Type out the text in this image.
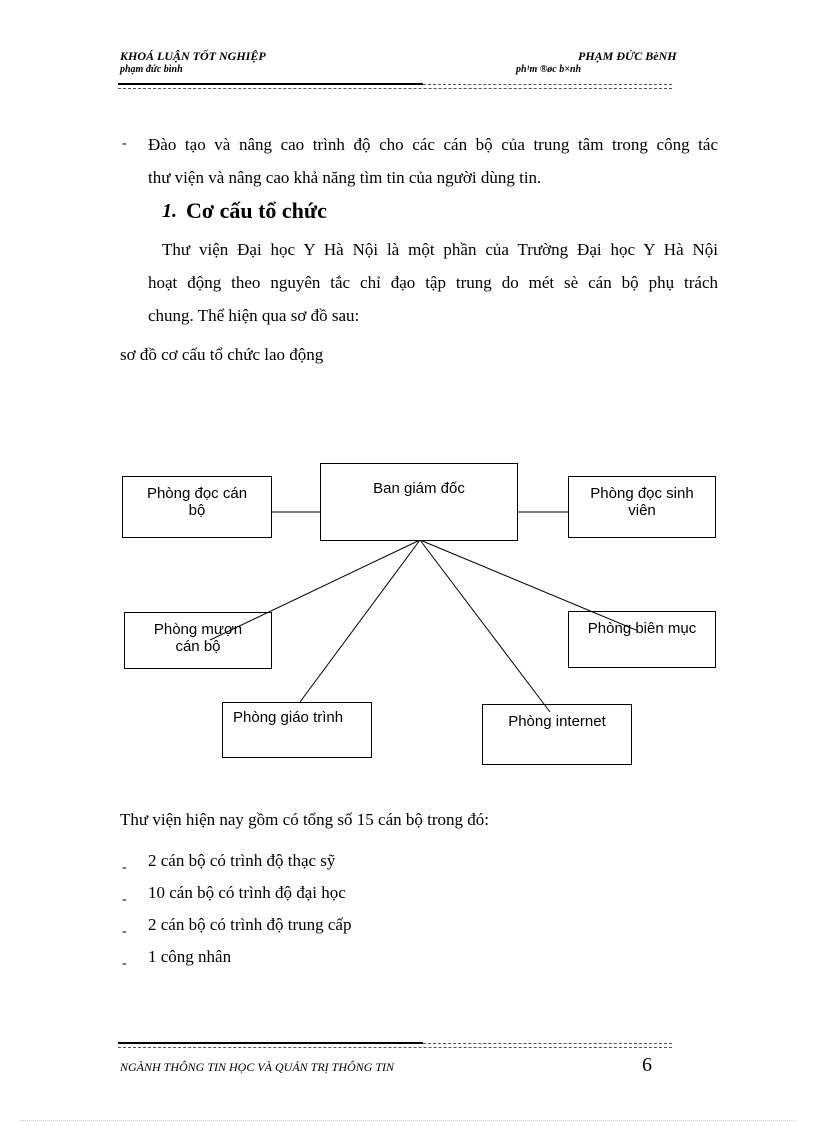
KHOÁ LUẬN TỐT NGHIỆP
phạm đức bình
PHẠM ĐỨC BèNH
ph¹m ®øc b×nh
- Đào tạo và nâng cao trình độ cho các cán bộ của trung tâm trong công tác
thư viện và nâng cao khả năng tìm tin của người dùng tin.
1. Cơ cấu tổ chức
Thư viện Đại học Y Hà Nội là một phần của Trường Đại học Y Hà Nội
hoạt động theo nguyên tắc chỉ đạo tập trung do mét sè cán bộ phụ trách
chung. Thể hiện qua sơ đồ sau:
sơ đồ cơ cấu tổ chức lao động
Ban giám đốc
Phòng đọc cán
bộ
Phòng đọc sinh
viên
Phòng mượn
cán bộ
Phòng biên mục
Phòng giáo trình	Phòng internet
Thư viện hiện nay gồm có tổng số 15 cán bộ trong đó:
- 2 cán bộ có trình độ thạc sỹ
- 10 cán bộ có trình độ đại học
- 2 cán bộ có trình độ trung cấp
- 1 công nhân
NGÀNH THÔNG TIN HỌC VÀ QUẢN TRỊ THÔNG TIN	6
